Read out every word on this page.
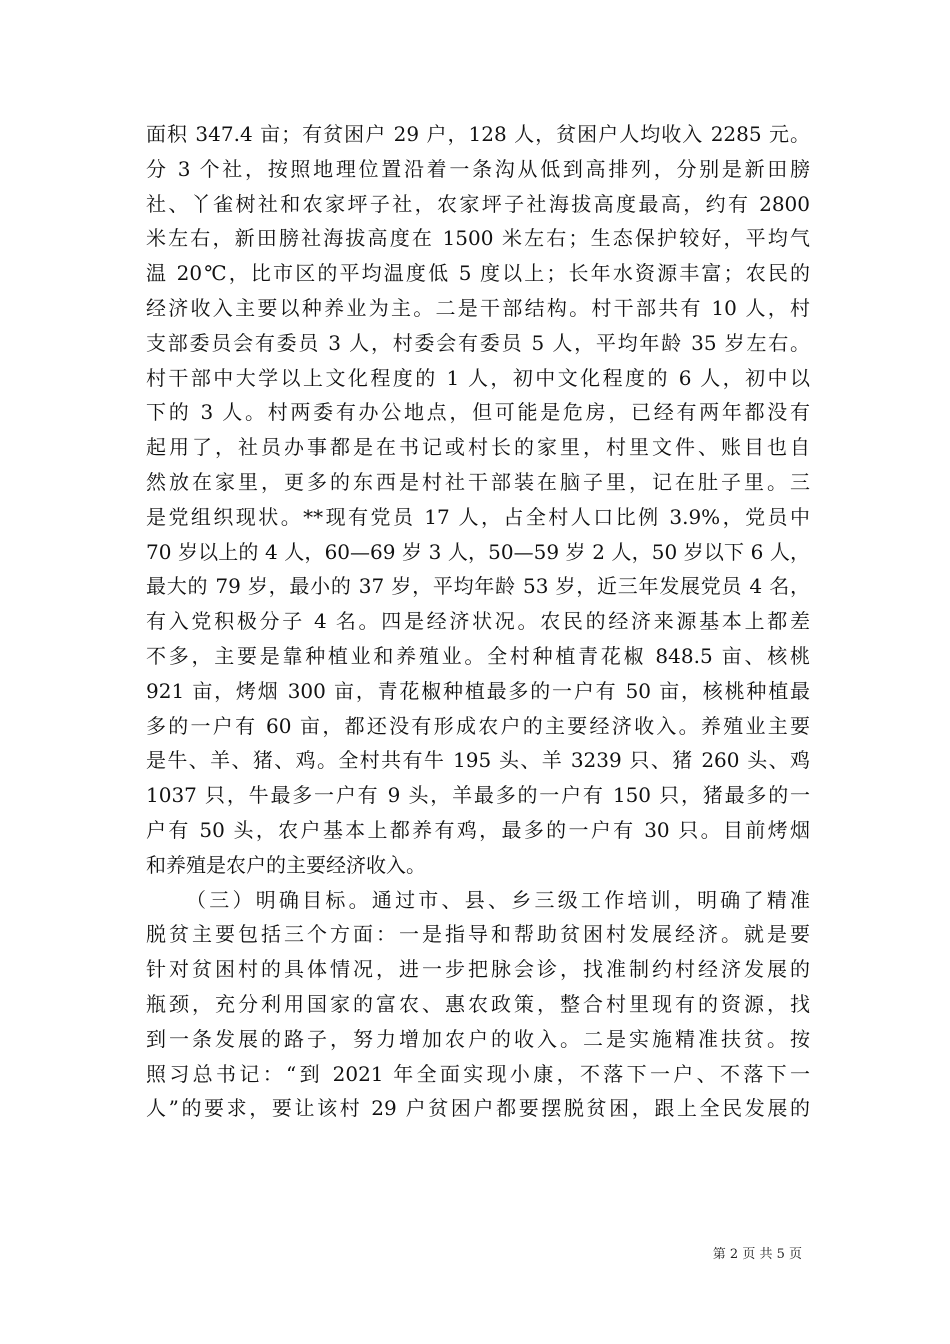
面积 347.4 亩；有贫困户 29 户，128 人，贫困户人均收入 2285 元。
分 3 个社，按照地理位置沿着一条沟从低到高排列，分别是新田膀
社、丫雀树社和农家坪子社，农家坪子社海拔高度最高，约有 2800
米左右，新田膀社海拔高度在 1500 米左右；生态保护较好，平均气
温 20℃，比市区的平均温度低 5 度以上；长年水资源丰富；农民的
经济收入主要以种养业为主。二是干部结构。村干部共有 10 人，村
支部委员会有委员 3 人，村委会有委员 5 人，平均年龄 35 岁左右。
村干部中大学以上文化程度的 1 人，初中文化程度的 6 人，初中以
下的 3 人。村两委有办公地点，但可能是危房，已经有两年都没有
起用了，社员办事都是在书记或村长的家里，村里文件、账目也自
然放在家里，更多的东西是村社干部装在脑子里，记在肚子里。三
是党组织现状。**现有党员 17 人，占全村人口比例 3.9%，党员中
70 岁以上的 4 人，60—69 岁 3 人，50—59 岁 2 人，50 岁以下 6 人，
最大的 79 岁，最小的 37 岁，平均年龄 53 岁，近三年发展党员 4 名，
有入党积极分子 4 名。四是经济状况。农民的经济来源基本上都差
不多，主要是靠种植业和养殖业。全村种植青花椒 848.5 亩、核桃
921 亩，烤烟 300 亩，青花椒种植最多的一户有 50 亩，核桃种植最
多的一户有 60 亩，都还没有形成农户的主要经济收入。养殖业主要
是牛、羊、猪、鸡。全村共有牛 195 头、羊 3239 只、猪 260 头、鸡
1037 只，牛最多一户有 9 头，羊最多的一户有 150 只，猪最多的一
户有 50 头，农户基本上都养有鸡，最多的一户有 30 只。目前烤烟
和养殖是农户的主要经济收入。
（三）明确目标。通过市、县、乡三级工作培训，明确了精准
脱贫主要包括三个方面：一是指导和帮助贫困村发展经济。就是要
针对贫困村的具体情况，进一步把脉会诊，找准制约村经济发展的
瓶颈，充分利用国家的富农、惠农政策，整合村里现有的资源，找
到一条发展的路子，努力增加农户的收入。二是实施精准扶贫。按
照习总书记：“到 2021 年全面实现小康，不落下一户、不落下一
人”的要求，要让该村 29 户贫困户都要摆脱贫困，跟上全民发展的
第 2 页 共 5 页
